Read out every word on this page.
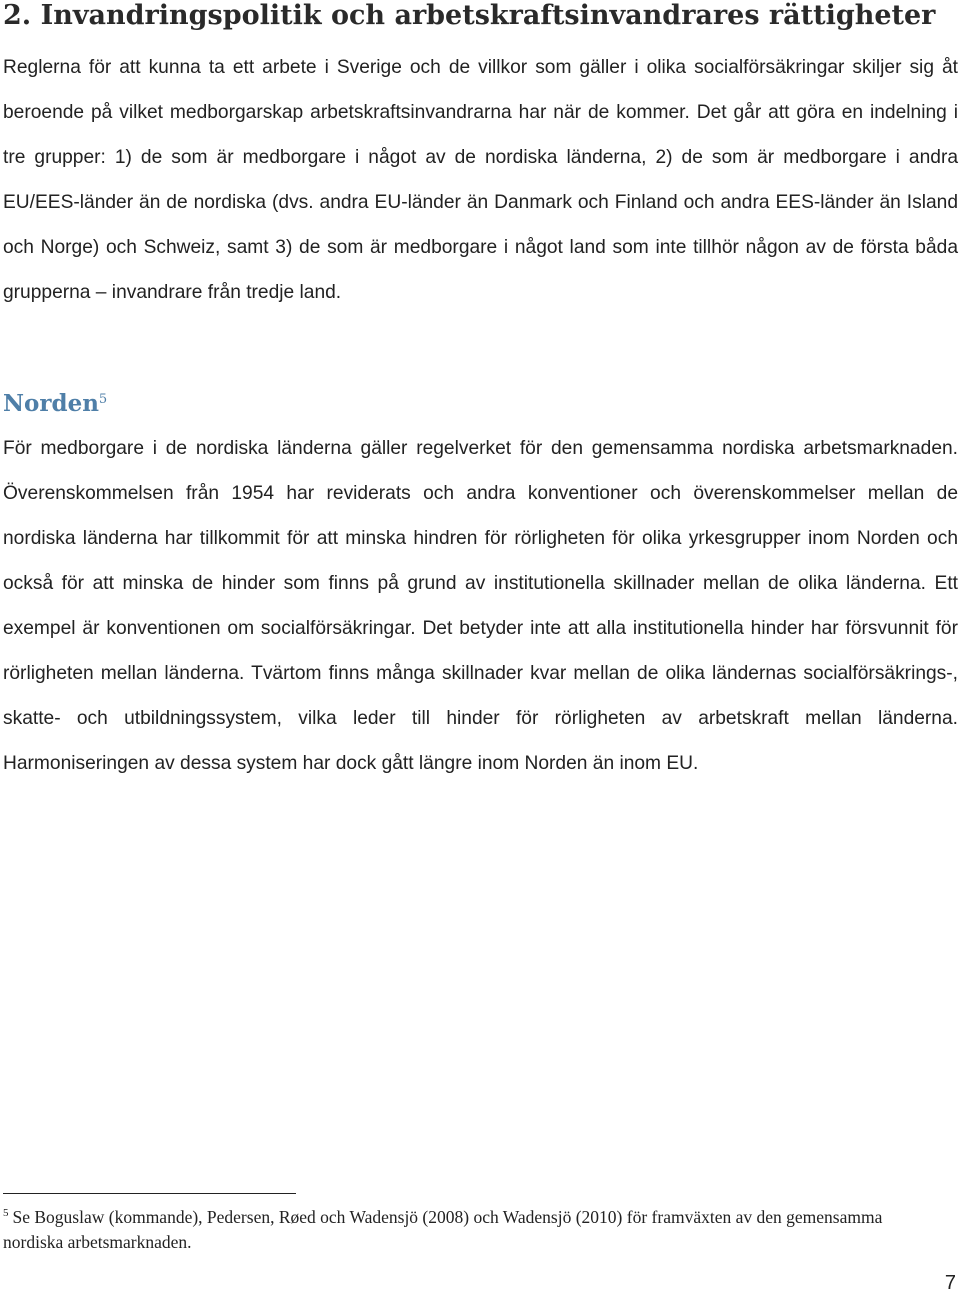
2. Invandringspolitik och arbetskraftsinvandrares rättigheter

Reglerna för att kunna ta ett arbete i Sverige och de villkor som gäller i olika socialförsäkringar skiljer sig åt beroende på vilket medborgarskap arbetskraftsinvandrarna har när de kommer. Det går att göra en indelning i tre grupper: 1) de som är medborgare i något av de nordiska länderna, 2) de som är medborgare i andra EU/EES-länder än de nordiska (dvs. andra EU-länder än Danmark och Finland och andra EES-länder än Island och Norge) och Schweiz, samt 3) de som är medborgare i något land som inte tillhör någon av de första båda grupperna – invandrare från tredje land.

Norden$^5$

För medborgare i de nordiska länderna gäller regelverket för den gemensamma nordiska arbetsmarknaden. Överenskommelsen från 1954 har reviderats och andra konventioner och överenskommelser mellan de nordiska länderna har tillkommit för att minska hindren för rörligheten för olika yrkesgrupper inom Norden och också för att minska de hinder som finns på grund av institutionella skillnader mellan de olika länderna. Ett exempel är konventionen om socialförsäkringar. Det betyder inte att alla institutionella hinder har försvunnit för rörligheten mellan länderna. Tvärtom finns många skillnader kvar mellan de olika ländernas socialförsäkrings-, skatte- och utbildningssystem, vilka leder till hinder för rörligheten av arbetskraft mellan länderna. Harmoniseringen av dessa system har dock gått längre inom Norden än inom EU.

$^5$ Se Boguslaw (kommande), Pedersen, Røed och Wadensjö (2008) och Wadensjö (2010) för framväxten av den gemensamma nordiska arbetsmarknaden.

7
